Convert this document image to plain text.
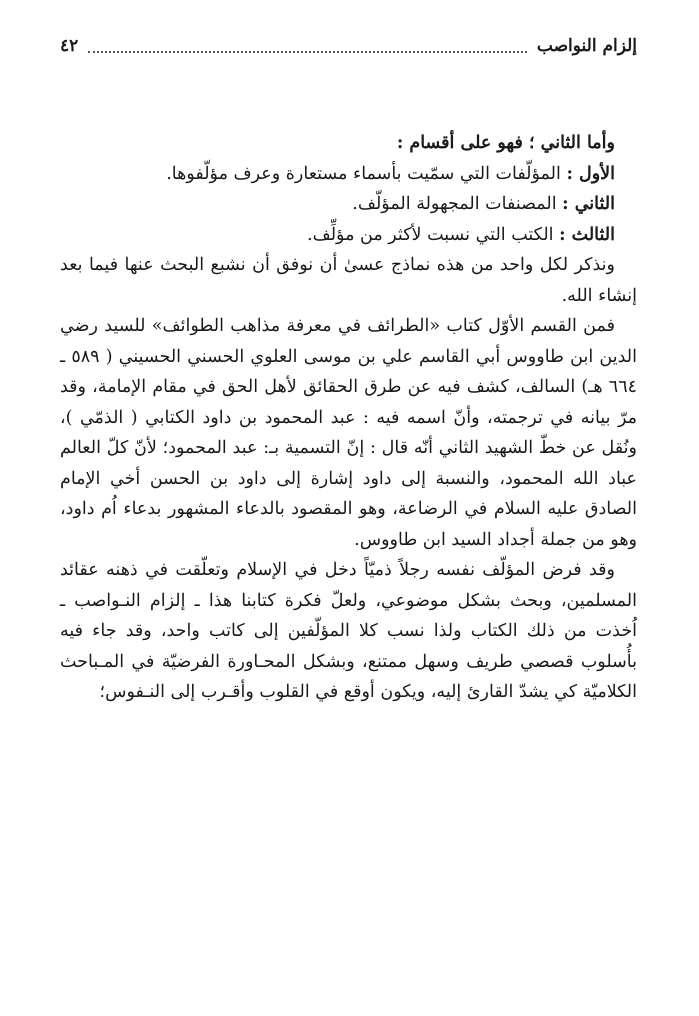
إلزام النواصب
٤٢

وأما الثاني ؛ فهو على أقسام :

الأول : المؤلّفات التي سمّيت بأسماء مستعارة وعرف مؤلّفوها.

الثاني : المصنفات المجهولة المؤلّف.

الثالث : الكتب التي نسبت لأكثر من مؤلِّف.

ونذكر لكل واحد من هذه نماذج عسىٰ أن نوفق أن نشبع البحث عنها فيما بعد إنشاء الله.

فمن القسم الأوّل كتاب «الطرائف في معرفة مذاهب الطوائف» للسيد رضي الدين ابن طاووس أبي القاسم علي بن موسى العلوي الحسني الحسيني ( ٥٨٩ ـ ٦٦٤ هـ) السالف، كشف فيه عن طرق الحقائق لأهل الحق في مقام الإمامة، وقد مرّ بيانه في ترجمته، وأنّ اسمه فيه : عبد المحمود بن داود الكتابي ( الذمّي )، ونُقل عن خطّ الشهيد الثاني أنّه قال : إنّ التسمية بـ: عبد المحمود؛ لأنّ كلّ العالم عباد الله المحمود، والنسبة إلى داود إشارة إلى داود بن الحسن أخي الإمام الصادق عليه السلام في الرضاعة، وهو المقصود بالدعاء المشهور بدعاء اُم داود، وهو من جملة أجداد السيد ابن طاووس.

وقد فرض المؤلّف نفسه رجلاً ذميّاً دخل في الإسلام وتعلّقت في ذهنه عقائد المسلمين، وبحث بشكل موضوعي، ولعلّ فكرة كتابنا هذا ـ إلزام النـواصب ـ اُخذت من ذلك الكتاب ولذا نسب كلا المؤلّفين إلى كاتب واحد، وقد جاء فيه بأُسلوب قصصي طريف وسهل ممتنع، وبشكل المحـاورة الفرضيّة في المـباحث الكلاميّة كي يشدّ القارئ إليه، ويكون أوقع في القلوب وأقـرب إلى النـفوس؛
